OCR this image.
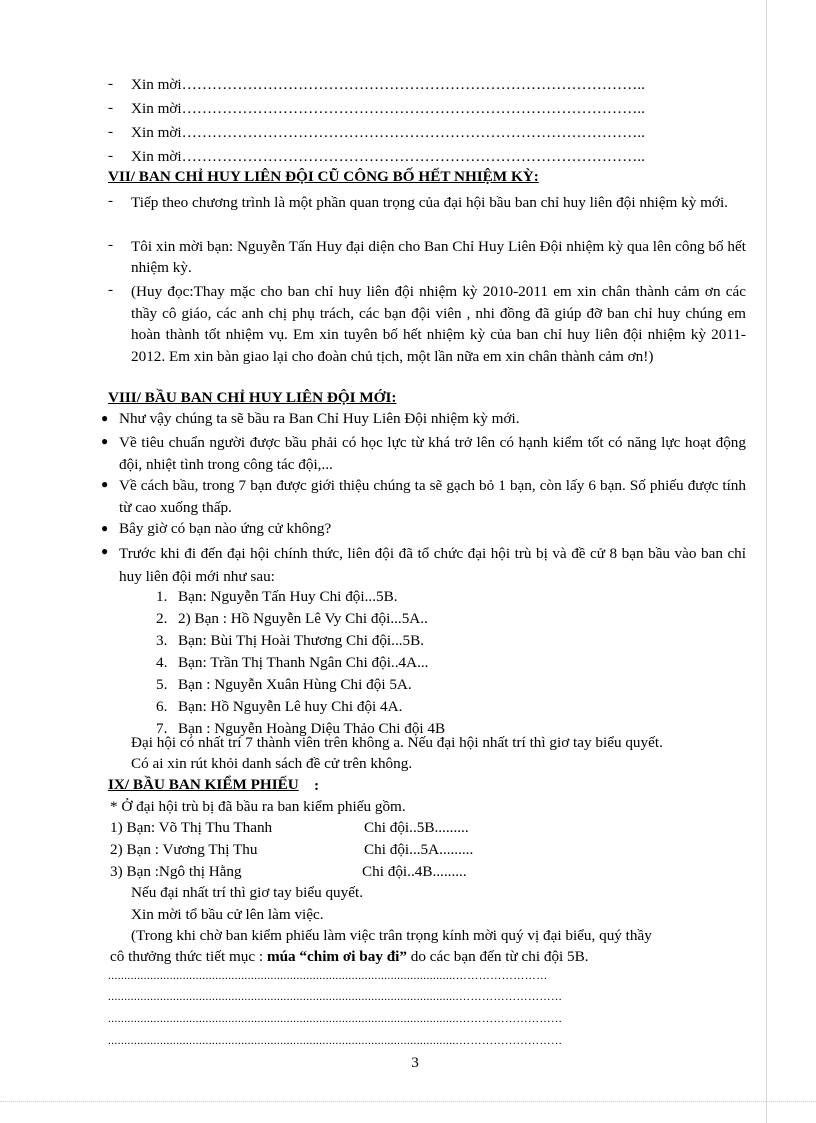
- Xin mời………………………………………………………………………………..
- Xin mời………………………………………………………………………………..
- Xin mời………………………………………………………………………………..
- Xin mời………………………………………………………………………………..
VII/ BAN CHỈ HUY LIÊN ĐỘI CŨ CÔNG BỐ HẾT NHIỆM KỲ:
- Tiếp theo chương trình là một phần quan trọng của đại hội bầu ban chỉ huy liên đội nhiệm kỳ mới.
- Tôi xin mời bạn: Nguyễn Tấn Huy đại diện cho Ban Chỉ Huy Liên Đội nhiệm kỳ qua lên công bố hết nhiệm kỳ.
- (Huy đọc:Thay mặc cho ban chỉ huy liên đội nhiệm kỳ 2010-2011 em xin chân thành cảm ơn các thầy cô giáo, các anh chị phụ trách, các bạn đội viên , nhi đồng đã giúp đỡ ban chỉ huy chúng em hoàn thành tốt nhiệm vụ. Em xin tuyên bố hết nhiệm kỳ của ban chỉ huy liên đội nhiệm kỳ 2011-2012. Em xin bàn giao lại cho đoàn chủ tịch, một lần nữa em xin chân thành cảm ơn!)
VIII/ BẦU BAN CHỈ HUY LIÊN ĐỘI MỚI:
● Như vậy chúng ta sẽ bầu ra Ban Chỉ Huy Liên Đội nhiệm kỳ mới.
● Về tiêu chuẩn người được bầu phải có học lực từ khá trở lên có hạnh kiểm tốt có năng lực hoạt động đội, nhiệt tình trong công tác đội,...
● Về cách bầu, trong 7 bạn được giới thiệu chúng ta sẽ gạch bỏ 1 bạn, còn lấy 6 bạn. Số phiếu được tính từ cao xuống thấp.
● Bây giờ có bạn nào ứng cử không?
● Trước khi đi đến đại hội chính thức, liên đội đã tổ chức đại hội trù bị và đề cử 8 bạn bầu vào ban chỉ huy liên đội mới như sau:
1. Bạn: Nguyễn Tấn Huy Chi đội...5B.
2. 2) Bạn : Hồ Nguyễn Lê Vy Chi đội...5A..
3. Bạn: Bùi Thị Hoài Thương Chi đội...5B.
4. Bạn: Trần Thị Thanh Ngân Chi đội..4A...
5. Bạn : Nguyễn Xuân Hùng Chi đội 5A.
6. Bạn: Hồ Nguyễn Lê huy Chi đội 4A.
7. Bạn : Nguyễn Hoàng Diệu Thảo Chi đội 4B
Đại hội có nhất trí 7 thành viên trên không a. Nếu đại hội nhất trí thì giơ tay biểu quyết.
Có ai xin rút khỏi danh sách đề cử trên không.
IX/ BẦU BAN KIỂM PHIẾU :
* Ở đại hội trù bị đã bầu ra ban kiểm phiếu gồm.
1) Bạn: Võ Thị Thu Thanh	Chi đội..5B.........
2) Bạn : Vương Thị Thu	Chi đội...5A.........
3) Bạn :Ngô thị Hằng	Chi đội..4B.........
Nếu đại nhất trí thì giơ tay biểu quyết.
Xin mời tổ bầu cử lên làm việc.
(Trong khi chờ ban kiểm phiếu làm việc trân trọng kính mời quý vị đại biểu, quý thầy
cô thưởng thức tiết mục : múa “chim ơi bay đi” do các bạn đến từ chi đội 5B.
...........................................................................................................……………………
............................................................................................................………………………
............................................................................................................………………………
............................................................................................................………………………
3
